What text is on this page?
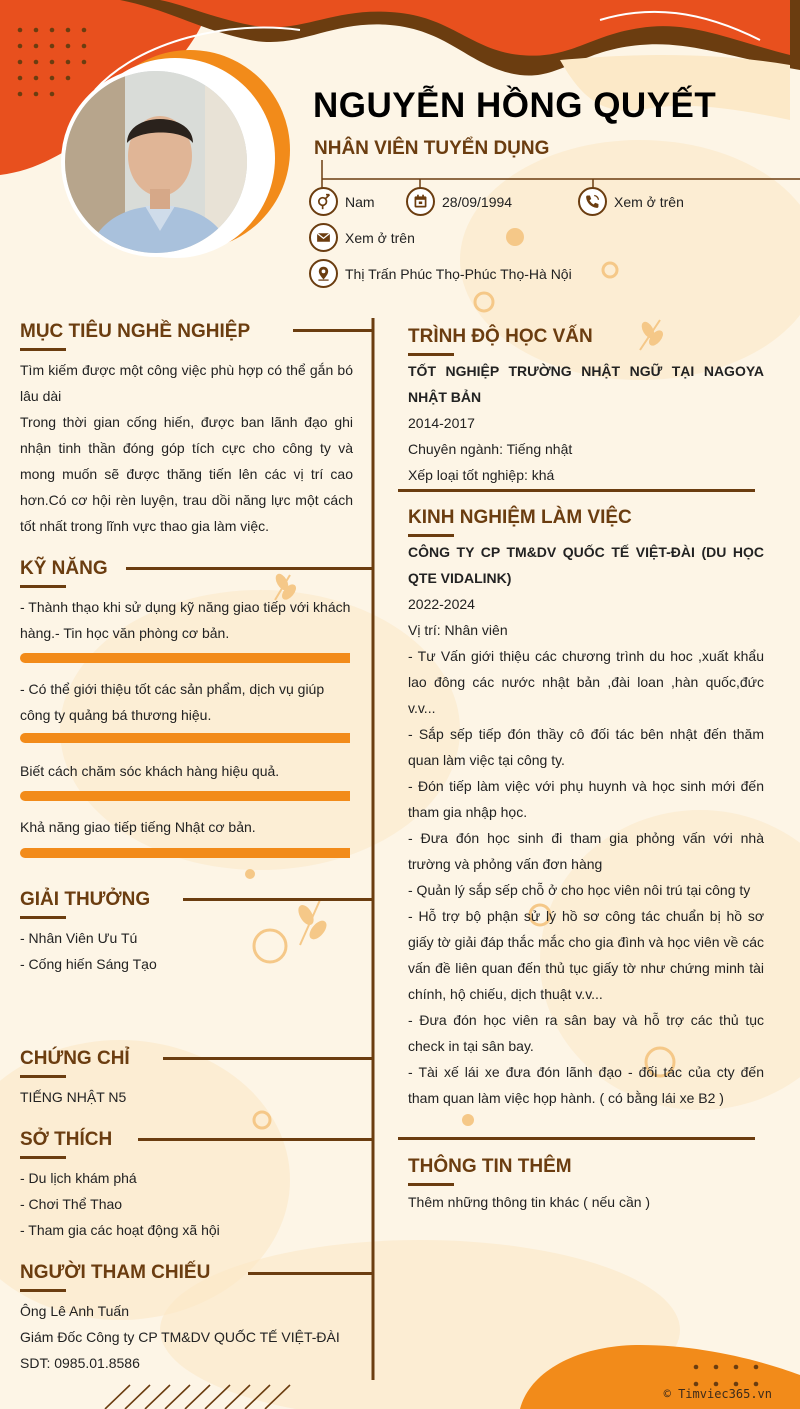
NGUYỄN HỒNG QUYẾT
NHÂN VIÊN TUYỂN DỤNG
Nam	28/09/1994	Xem ở trên
Xem ở trên
Thị Trấn Phúc Thọ-Phúc Thọ-Hà Nội
MỤC TIÊU NGHỀ NGHIỆP
Tìm kiếm được một công việc phù hợp có thể gắn bó lâu dài
Trong thời gian cống hiến, được ban lãnh đạo ghi nhận tinh thần đóng góp tích cực cho công ty và mong muốn sẽ được thăng tiến lên các vị trí cao hơn.Có cơ hội rèn luyện, trau dồi năng lực một cách tốt nhất trong lĩnh vực thao gia làm việc.
KỸ NĂNG
- Thành thạo khi sử dụng kỹ năng giao tiếp với khách hàng.- Tin học văn phòng cơ bản.
- Có thể giới thiệu tốt các sản phẩm, dịch vụ giúp công ty quảng bá thương hiệu.
Biết cách chăm sóc khách hàng hiệu quả.
Khả năng giao tiếp tiếng Nhật cơ bản.
GIẢI THƯỞNG
- Nhân Viên Ưu Tú
- Cống hiến Sáng Tạo
CHỨNG CHỈ
TIẾNG NHẬT N5
SỞ THÍCH
- Du lịch khám phá
- Chơi Thể Thao
- Tham gia các hoạt động xã hội
NGƯỜI THAM CHIẾU
Ông Lê Anh Tuấn
Giám Đốc Công ty CP TM&DV QUỐC TẾ VIỆT-ĐÀI
SDT: 0985.01.8586
TRÌNH ĐỘ HỌC VẤN
TỐT NGHIỆP TRƯỜNG NHẬT NGỮ TẠI NAGOYA NHẬT BẢN
2014-2017
Chuyên ngành: Tiếng nhật
Xếp loại tốt nghiệp: khá
KINH NGHIỆM LÀM VIỆC
CÔNG TY CP TM&DV QUỐC TẾ VIỆT-ĐÀI (DU HỌC QTE VIDALINK)
2022-2024
Vị trí: Nhân viên
- Tư Vấn giới thiệu các chương trình du hoc ,xuất khẩu lao đông các nước nhật bản ,đài loan ,hàn quốc,đức v.v...
- Sắp sếp tiếp đón thầy cô đối tác bên nhật đến thăm quan làm việc tại công ty.
- Đón tiếp làm việc với phụ huynh và học sinh mới đến tham gia nhập học.
- Đưa đón học sinh đi tham gia phỏng vấn với nhà trường và phỏng vấn đơn hàng
- Quản lý sắp sếp chỗ ở cho học viên nôi trú tại công ty
- Hỗ trợ bộ phận sử lý hồ sơ công tác chuẩn bị hồ sơ giấy tờ giải đáp thắc mắc cho gia đình và học viên về các vấn đề liên quan đến thủ tục giấy tờ như chứng minh tài chính, hộ chiếu, dịch thuật v.v...
- Đưa đón học viên ra sân bay và hỗ trợ các thủ tục check in tại sân bay.
- Tài xế lái xe đưa đón lãnh đạo - đối tác của cty đến tham quan làm việc họp hành. ( có bằng lái xe B2 )
THÔNG TIN THÊM
Thêm những thông tin khác ( nếu cần )
© Timviec365.vn
